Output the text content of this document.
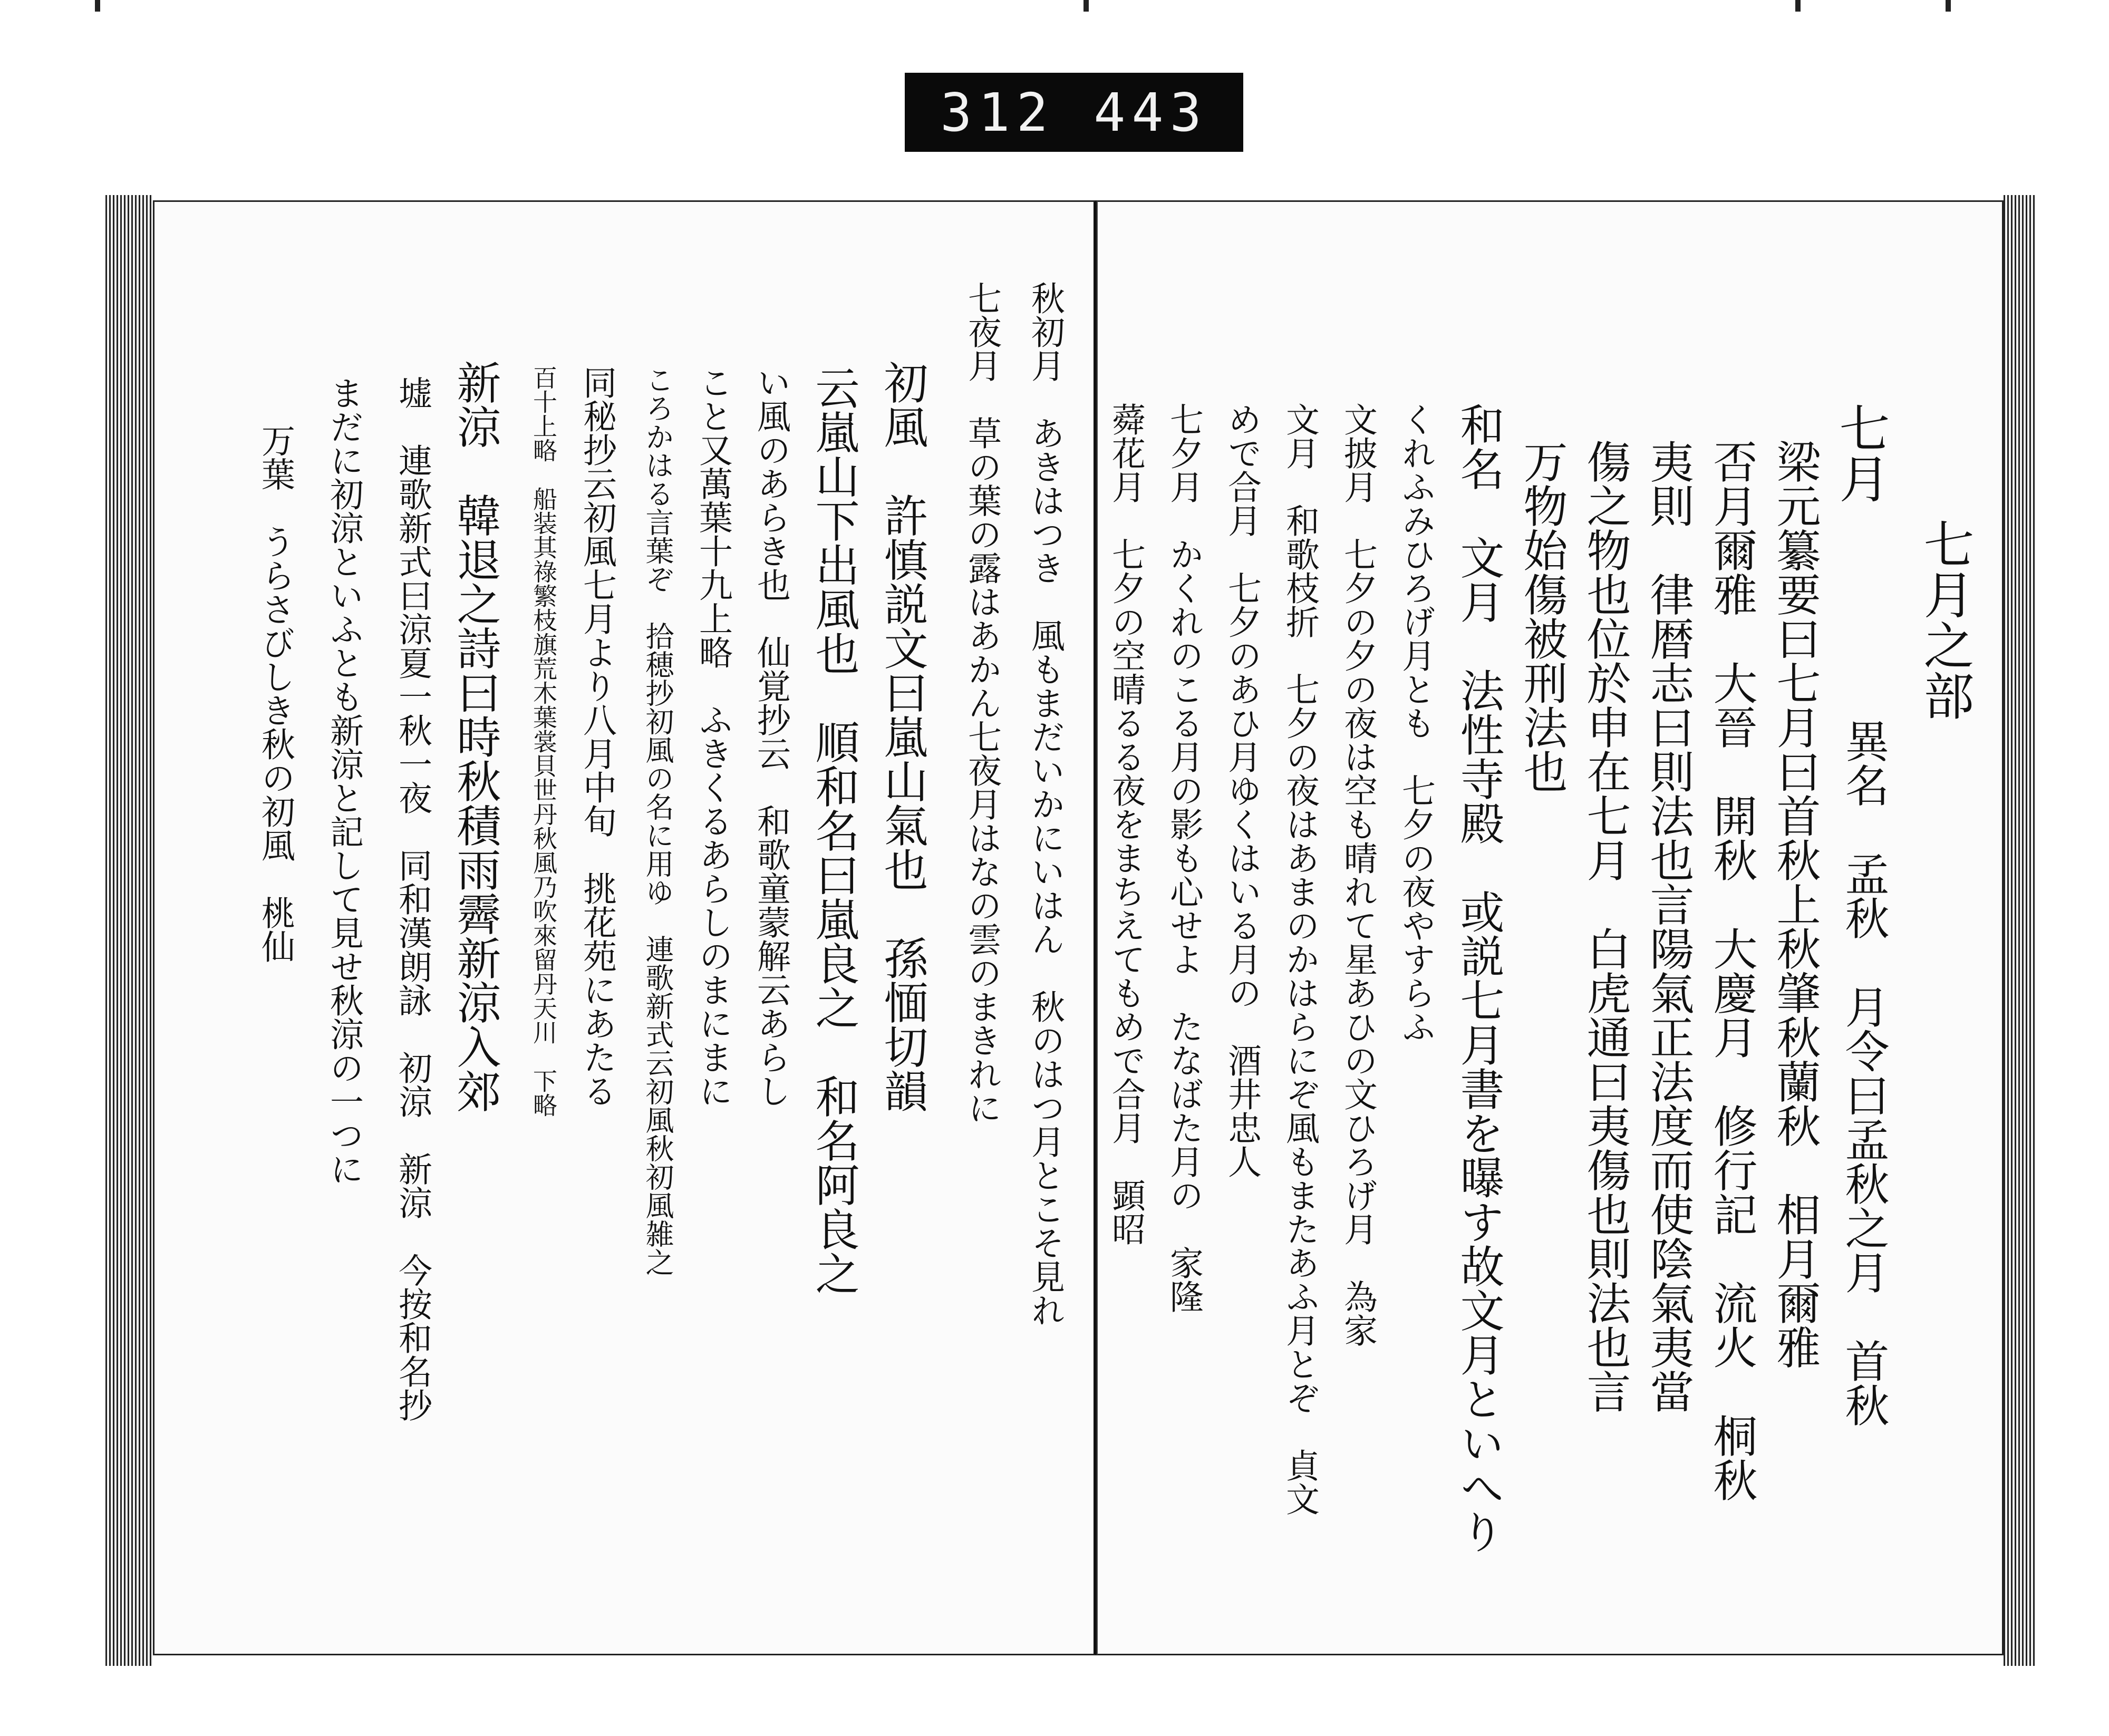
312 443
秋初月　あきはつき　風もまだいかにいはん　秋のはつ月とこそ見れ
七夜月　草の葉の露はあかん七夜月はなの雲のまきれに
初風　許慎説文曰嵐山氣也　孫愐切韻
云嵐山下出風也　順和名曰嵐良之　和名阿良之
い風のあらき也　仙覚抄云　和歌童蒙解云あらし
こと又萬葉十九上略　ふきくるあらしのまにまに
ころかはる言葉ぞ　拾穂抄初風の名に用ゆ　連歌新式云初風秋初風雑之
同秘抄云初風七月より八月中旬　挑花苑にあたる
百十上略　船装其祿繁枝旗荒木葉裳貝世丹秋風乃吹來留丹天川　下略
新涼　韓退之詩曰時秋積雨霽新涼入郊
墟　連歌新式曰涼夏一秋一夜　同和漢朗詠　初涼　新涼　今按和名抄
まだに初涼といふとも新涼と記して見せ秋涼の一つに
万葉　うらさびしき秋の初風　桃仙	七月之部
七月
異名　孟秋　月令曰孟秋之月　首秋
梁元纂要曰七月曰首秋上秋肇秋蘭秋　相月爾雅
否月爾雅　大晉　開秋　大慶月　修行記　流火　桐秋
夷則　律暦志曰則法也言陽氣正法度而使陰氣夷當
傷之物也位於申在七月　白虎通曰夷傷也則法也言
万物始傷被刑法也
和名　文月　法性寺殿　或説七月書を曝す故文月といへり
くれふみひろげ月とも　七夕の夜やすらふ
文披月　七夕の夕の夜は空も晴れて星あひの文ひろげ月　為家
文月　和歌枝折　七夕の夜はあまのかはらにぞ風もまたあふ月とぞ　貞文
めで合月　七夕のあひ月ゆくはいる月の　酒井忠人
七夕月　かくれのこる月の影も心せよ　たなばた月の　家隆
蕣花月　七夕の空晴るる夜をまちえてもめで合月　顕昭
